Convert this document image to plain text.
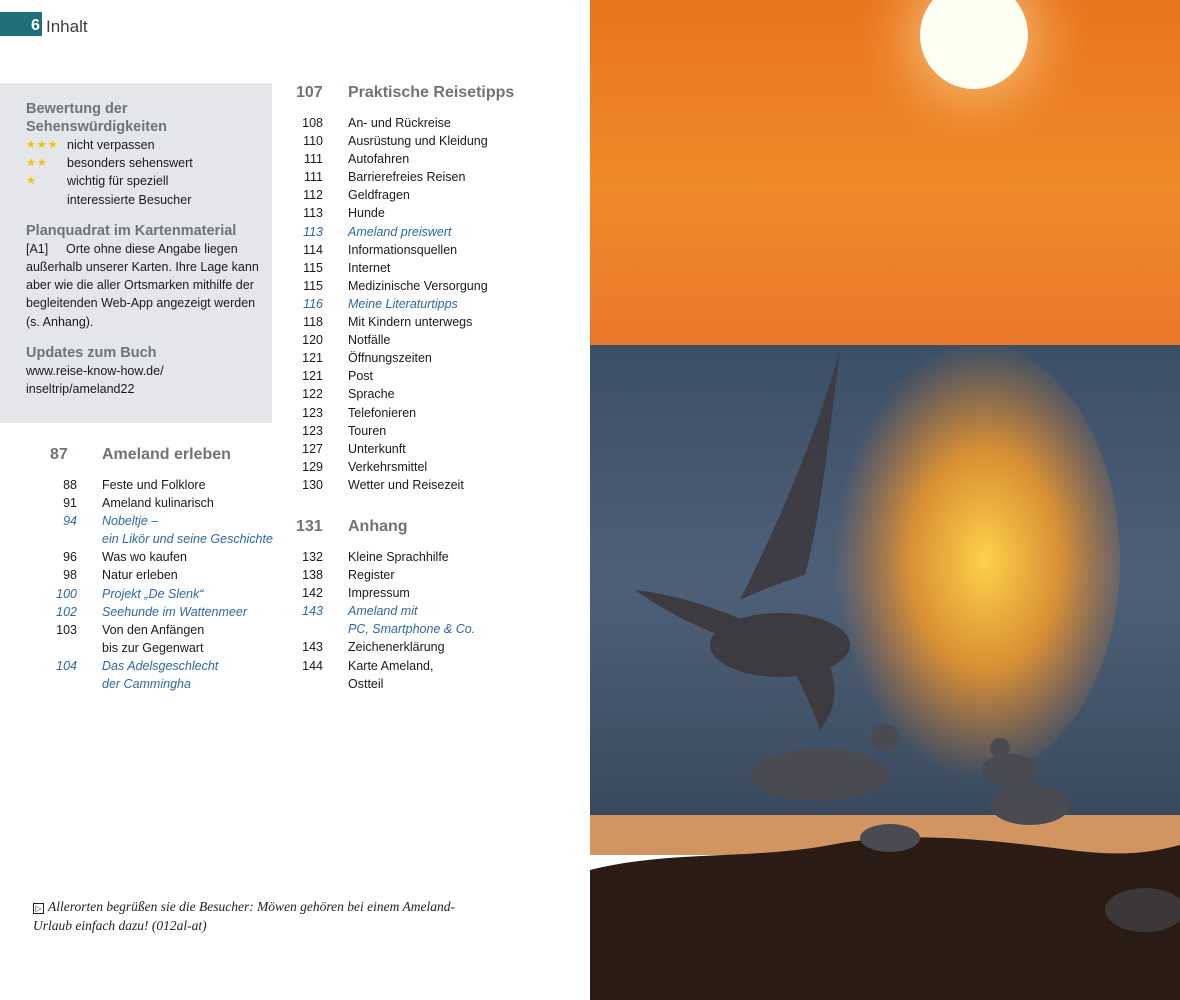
6 Inhalt
Bewertung der
Sehenswürdigkeiten
★★★ nicht verpassen
★★	besonders sehenswert
★	wichtig für speziell
interessierte Besucher
Planquadrat im Kartenmaterial
[A1] Orte ohne diese Angabe liegen
außerhalb unserer Karten. Ihre Lage kann
aber wie die aller Ortsmarken mithilfe der
begleitenden Web-App angezeigt werden
(s. Anhang).
Updates zum Buch
www.reise-know-how.de/
inseltrip/ameland22
87	Ameland erleben
88	Feste und Folklore
91	Ameland kulinarisch
94	Nobeltje –
ein Likör und seine Geschichte
96	Was wo kaufen
98	Natur erleben
100	Projekt „De Slenk“
102	Seehunde im Wattenmeer
103	Von den Anfängen
bis zur Gegenwart
104	Das Adelsgeschlecht
der Cammingha
107	Praktische Reisetipps
108	An- und Rückreise
110	Ausrüstung und Kleidung
111	Autofahren
111	Barrierefreies Reisen
112	Geldfragen
113	Hunde
113	Ameland preiswert
114	Informationsquellen
115	Internet
115	Medizinische Versorgung
116	Meine Literaturtipps
118	Mit Kindern unterwegs
120	Notfälle
121	Öffnungszeiten
121	Post
122	Sprache
123	Telefonieren
123	Touren
127	Unterkunft
129	Verkehrsmittel
130	Wetter und Reisezeit
131	Anhang
132	Kleine Sprachhilfe
138	Register
142	Impressum
143	Ameland mit
PC, Smartphone & Co.
143	Zeichenerklärung
144	Karte Ameland,
Ostteil
▷ Allerorten begrüßen sie die Besucher: Möwen gehören bei einem Ameland-
Urlaub einfach dazu! (012al-at)
